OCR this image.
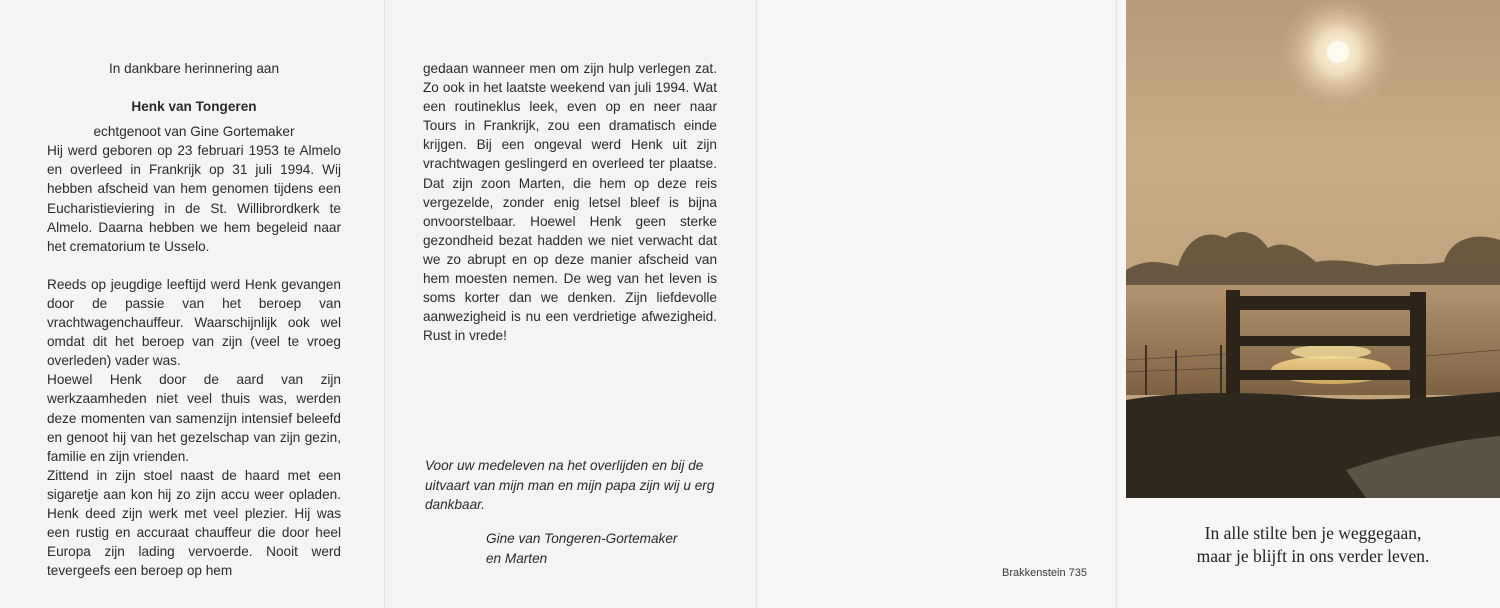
In dankbare herinnering aan
Henk van Tongeren
echtgenoot van Gine Gortemaker
Hij werd geboren op 23 februari 1953 te Almelo en overleed in Frankrijk op 31 juli 1994. Wij hebben afscheid van hem genomen tijdens een Eucharistieviering in de St. Willibrordkerk te Almelo. Daarna hebben we hem begeleid naar het crematorium te Usselo.
Reeds op jeugdige leeftijd werd Henk gevangen door de passie van het beroep van vrachtwagenchauffeur. Waarschijnlijk ook wel omdat dit het beroep van zijn (veel te vroeg overleden) vader was.
Hoewel Henk door de aard van zijn werkzaamheden niet veel thuis was, werden deze momenten van samenzijn intensief beleefd en genoot hij van het gezelschap van zijn gezin, familie en zijn vrienden.
Zittend in zijn stoel naast de haard met een sigaretje aan kon hij zo zijn accu weer opladen. Henk deed zijn werk met veel plezier. Hij was een rustig en accuraat chauffeur die door heel Europa zijn lading vervoerde. Nooit werd tevergeefs een beroep op hem
gedaan wanneer men om zijn hulp verlegen zat. Zo ook in het laatste weekend van juli 1994. Wat een routineklus leek, even op en neer naar Tours in Frankrijk, zou een dramatisch einde krijgen. Bij een ongeval werd Henk uit zijn vrachtwagen geslingerd en overleed ter plaatse. Dat zijn zoon Marten, die hem op deze reis vergezelde, zonder enig letsel bleef is bijna onvoorstelbaar. Hoewel Henk geen sterke gezondheid bezat hadden we niet verwacht dat we zo abrupt en op deze manier afscheid van hem moesten nemen. De weg van het leven is soms korter dan we denken. Zijn liefdevolle aanwezigheid is nu een verdrietige afwezigheid. Rust in vrede!
Voor uw medeleven na het overlijden en bij de uitvaart van mijn man en mijn papa zijn wij u erg dankbaar.
Gine van Tongeren-Gortemaker
en Marten
Brakkenstein 735
In alle stilte ben je weggegaan,
maar je blijft in ons verder leven.
